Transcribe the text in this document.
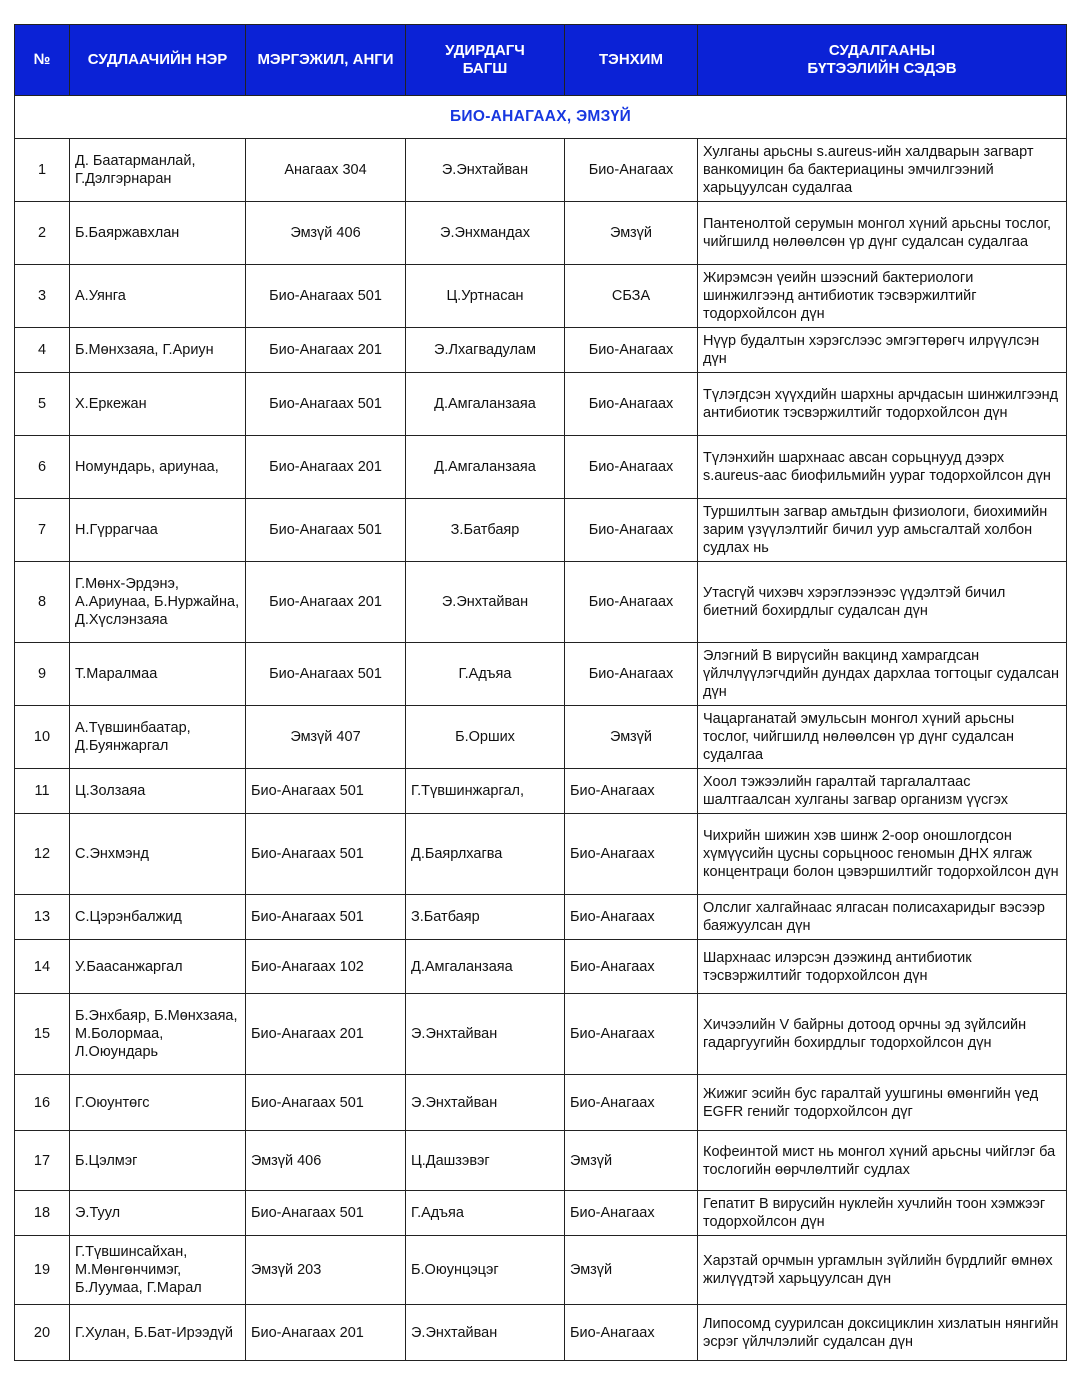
№	СУДЛААЧИЙН НЭР	МЭРГЭЖИЛ, АНГИ	УДИРДАГЧ БАГШ	ТЭНХИМ	СУДАЛГААНЫ БҮТЭЭЛИЙН СЭДЭВ
БИО-АНАГААХ, ЭМЗҮЙ					
1	Д. Баатарманлай, Г.Дэлгэрнаран	Анагаах 304	Э.Энхтайван	Био-Анагаах	Хулганы арьсны s.aureus-ийн халдварын загварт ванкомицин ба бактериацины эмчилгээний харьцуулсан судалгаа
2	Б.Баяржавхлан	Эмзүй 406	Э.Энхмандах	Эмзүй	Пантенолтой серумын монгол хүний арьсны тослог, чийгшилд нөлөөлсөн үр дүнг судалсан судалгаа
3	А.Уянга	Био-Анагаах 501	Ц.Уртнасан	СБЗА	Жирэмсэн үеийн шээсний бактериологи шинжилгээнд антибиотик тэсвэржилтийг тодорхойлсон дүн
4	Б.Мөнхзаяа, Г.Ариун	Био-Анагаах 201	Э.Лхагвадулам	Био-Анагаах	Нүүр будалтын хэрэгслээс эмгэгтөрөгч илрүүлсэн дүн
5	Х.Еркежан	Био-Анагаах 501	Д.Амгаланзаяа	Био-Анагаах	Түлэгдсэн хүүхдийн шархны арчдасын шинжилгээнд антибиотик тэсвэржилтийг тодорхойлсон дүн
6	Номундарь, ариунаа,	Био-Анагаах 201	Д.Амгаланзаяа	Био-Анагаах	Түлэнхийн шархнаас авсан сорьцнууд дээрх s.aureus-аас биофильмийн уураг тодорхойлсон дүн
7	Н.Гүррагчаа	Био-Анагаах 501	З.Батбаяр	Био-Анагаах	Туршилтын загвар амьтдын физиологи, биохимийн зарим үзүүлэлтийг бичил уур амьсгалтай холбон судлах нь
8	Г.Мөнх-Эрдэнэ, А.Ариунаа, Б.Нуржайна, Д.Хүслэнзаяа	Био-Анагаах 201	Э.Энхтайван	Био-Анагаах	Утасгүй чихэвч хэрэглээнээс үүдэлтэй бичил биетний бохирдлыг судалсан дүн
9	Т.Маралмаа	Био-Анагаах 501	Г.Адъяа	Био-Анагаах	Элэгний В вирүсийн вакцинд хамрагдсан үйлчлүүлэгчдийн дундах дархлаа тогтоцыг судалсан дүн
10	А.Түвшинбаатар, Д.Буянжаргал	Эмзүй 407	Б.Орших	Эмзүй	Чацарганатай эмульсын монгол хүний арьсны тослог, чийгшилд нөлөөлсөн үр дүнг судалсан судалгаа
11	Ц.Золзаяа	Био-Анагаах 501	Г.Түвшинжаргал,	Био-Анагаах	Хоол тэжээлийн гаралтай таргалалтаас шалтгаалсан хулганы загвар организм үүсгэх
12	С.Энхмэнд	Био-Анагаах 501	Д.Баярлхагва	Био-Анагаах	Чихрийн шижин хэв шинж 2-оор оношлогдсон хүмүүсийн цусны сорьцноос геномын ДНХ ялгаж концентраци болон цэвэршилтийг тодорхойлсон дүн
13	С.Цэрэнбалжид	Био-Анагаах 501	З.Батбаяр	Био-Анагаах	Олслиг халгайнаас ялгасан полисахаридыг вэсээр баяжуулсан дүн
14	У.Баасанжаргал	Био-Анагаах 102	Д.Амгаланзаяа	Био-Анагаах	Шархнаас илэрсэн дээжинд антибиотик тэсвэржилтийг тодорхойлсон дүн
15	Б.Энхбаяр, Б.Мөнхзаяа, М.Болормаа, Л.Оюундарь	Био-Анагаах 201	Э.Энхтайван	Био-Анагаах	Хичээлийн V байрны дотоод орчны эд зүйлсийн гадаргуугийн бохирдлыг тодорхойлсон дүн
16	Г.Оюунтөгс	Био-Анагаах 501	Э.Энхтайван	Био-Анагаах	Жижиг эсийн бус гаралтай уушгины өмөнгийн үед EGFR генийг тодорхойлсон дүг
17	Б.Цэлмэг	Эмзүй 406	Ц.Дашзэвэг	Эмзүй	Кофеинтой мист нь монгол хүний арьсны чийглэг ба тослогийн өөрчлөлтийг судлах
18	Э.Туул	Био-Анагаах 501	Г.Адъяа	Био-Анагаах	Гепатит В вирусийн нуклейн хучлийн тоон хэмжээг тодорхойлсон дүн
19	Г.Түвшинсайхан, М.Мөнгөнчимэг, Б.Луумаа, Г.Марал	Эмзүй 203	Б.Оюунцэцэг	Эмзүй	Харзтай орчмын ургамлын зүйлийн бүрдлийг өмнөх жилүүдтэй харьцуулсан дүн
20	Г.Хулан, Б.Бат-Ирээдүй	Био-Анагаах 201	Э.Энхтайван	Био-Анагаах	Липосомд суурилсан доксициклин хизлатын нянгийн эсрэг үйлчлэлийг судалсан дүн
